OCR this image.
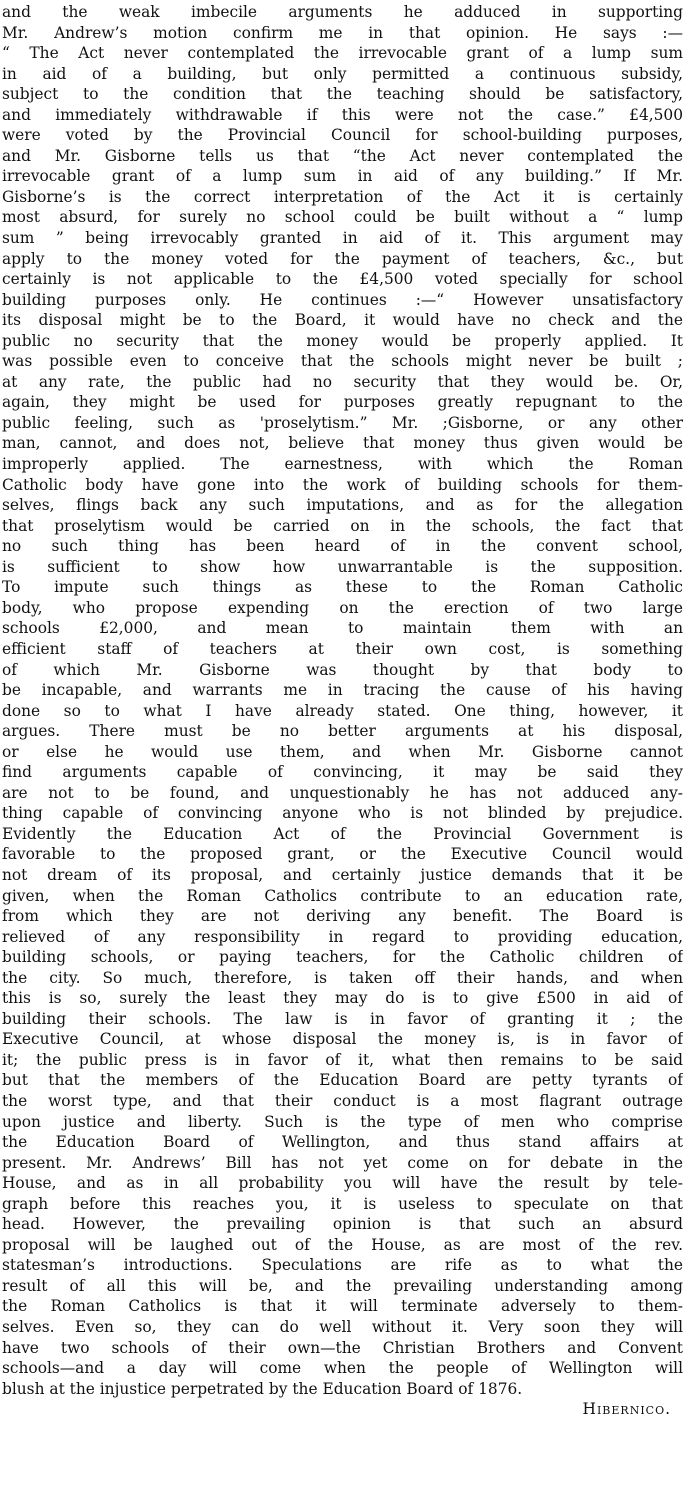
and the weak imbecile arguments he adduced in supporting
Mr. Andrew’s motion confirm me in that opinion. He says :—
“ The Act never contemplated the irrevocable grant of a lump sum
in aid of a building, but only permitted a continuous subsidy,
subject to the condition that the teaching should be satisfactory,
and immediately withdrawable if this were not the case.” £4,500
were voted by the Provincial Council for school-building purposes,
and Mr. Gisborne tells us that “the Act never contemplated the
irrevocable grant of a lump sum in aid of any building.” If Mr.
Gisborne’s is the correct interpretation of the Act it is certainly
most absurd, for surely no school could be built without a “ lump
sum ” being irrevocably granted in aid of it. This argument may
apply to the money voted for the payment of teachers, &c., but
certainly is not applicable to the £4,500 voted specially for school
building purposes only. He continues :—“ However unsatisfactory
its disposal might be to the Board, it would have no check and the
public no security that the money would be properly applied. It
was possible even to conceive that the schools might never be built ;
at any rate, the public had no security that they would be. Or,
again, they might be used for purposes greatly repugnant to the
public feeling, such as 'proselytism.” Mr. ;Gisborne, or any other
man, cannot, and does not, believe that money thus given would be
improperly applied. The earnestness, with which the Roman
Catholic body have gone into the work of building schools for them-
selves, flings back any such imputations, and as for the allegation
that proselytism would be carried on in the schools, the fact that
no such thing has been heard of in the convent school,
is sufficient to show how unwarrantable is the supposition.
To impute such things as these to the Roman Catholic
body, who propose expending on the erection of two large
schools £2,000, and mean to maintain them with an
efficient staff of teachers at their own cost, is something
of which Mr. Gisborne was thought by that body to
be incapable, and warrants me in tracing the cause of his having
done so to what I have already stated. One thing, however, it
argues. There must be no better arguments at his disposal,
or else he would use them, and when Mr. Gisborne cannot
find arguments capable of convincing, it may be said they
are not to be found, and unquestionably he has not adduced any-
thing capable of convincing anyone who is not blinded by prejudice.
Evidently the Education Act of the Provincial Government is
favorable to the proposed grant, or the Executive Council would
not dream of its proposal, and certainly justice demands that it be
given, when the Roman Catholics contribute to an education rate,
from which they are not deriving any benefit. The Board is
relieved of any responsibility in regard to providing education,
building schools, or paying teachers, for the Catholic children of
the city. So much, therefore, is taken off their hands, and when
this is so, surely the least they may do is to give £500 in aid of
building their schools. The law is in favor of granting it ; the
Executive Council, at whose disposal the money is, is in favor of
it; the public press is in favor of it, what then remains to be said
but that the members of the Education Board are petty tyrants of
the worst type, and that their conduct is a most flagrant outrage
upon justice and liberty. Such is the type of men who comprise
the Education Board of Wellington, and thus stand affairs at
present. Mr. Andrews’ Bill has not yet come on for debate in the
House, and as in all probability you will have the result by tele-
graph before this reaches you, it is useless to speculate on that
head. However, the prevailing opinion is that such an absurd
proposal will be laughed out of the House, as are most of the rev.
statesman’s introductions. Speculations are rife as to what the
result of all this will be, and the prevailing understanding among
the Roman Catholics is that it will terminate adversely to them-
selves. Even so, they can do well without it. Very soon they will
have two schools of their own—the Christian Brothers and Convent
schools—and a day will come when the people of Wellington will
blush at the injustice perpetrated by the Education Board of 1876.
Hibernico.
